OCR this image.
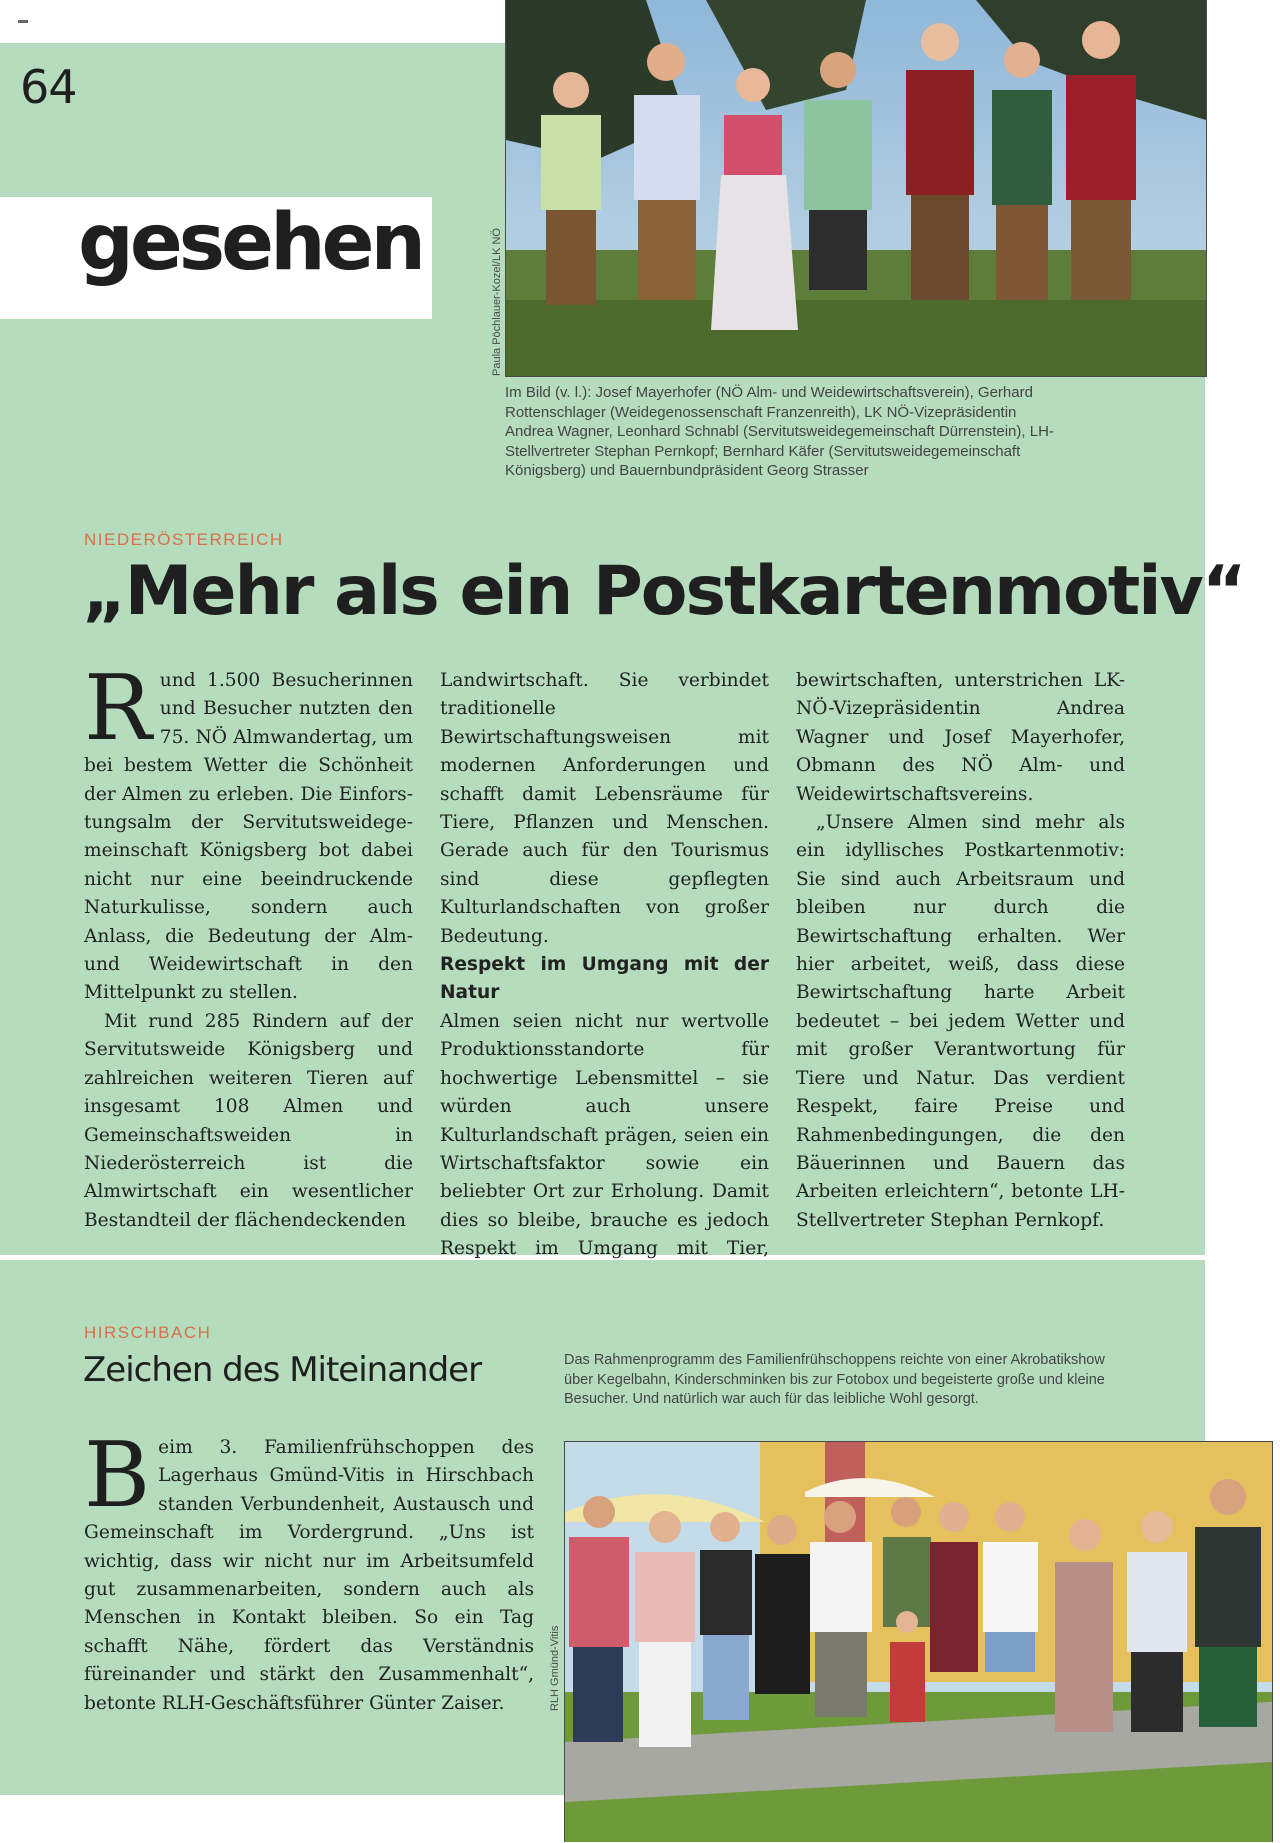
64
gesehen	Paula Pöchlauer-Kozel/LK NÖ
Im Bild (v. l.): Josef Mayerhofer (NÖ Alm- und Weidewirtschaftsverein), Gerhard Rottenschlager (Weidegenossenschaft Franzenreith), LK NÖ-Vizepräsidentin Andrea Wagner, Leonhard Schnabl (Servitutsweidegemeinschaft Dürrenstein), LH-Stellvertreter Stephan Pernkopf; Bernhard Käfer (Servitutsweidegemeinschaft Königsberg) und Bauernbundpräsident Georg Strasser
NIEDERÖSTERREICH
„Mehr als ein Postkartenmotiv“

Rund 1.500 Besucherinnen und Besucher nutzten den 75. NÖ Almwandertag, um bei bestem Wetter die Schönheit der Almen zu erleben. Die Einforstungsalm der Servitutsweidegemeinschaft Königsberg bot dabei nicht nur eine beeindruckende Naturkulisse, sondern auch Anlass, die Bedeutung der Alm- und Weidewirtschaft in den Mittelpunkt zu stellen.

Mit rund 285 Rindern auf der Servitutsweide Königsberg und zahlreichen weiteren Tieren auf insgesamt 108 Almen und Gemeinschaftsweiden in Niederösterreich ist die Almwirtschaft ein wesentlicher Bestandteil der flächendeckenden

Landwirtschaft. Sie verbindet traditionelle Bewirtschaftungsweisen mit modernen Anforderungen und schafft damit Lebensräume für Tiere, Pflanzen und Menschen. Gerade auch für den Tourismus sind diese gepflegten Kulturlandschaften von großer Bedeutung.

Respekt im Umgang mit der Natur

Almen seien nicht nur wertvolle Produktionsstandorte für hochwertige Lebensmittel – sie würden auch unsere Kulturlandschaft prägen, seien ein Wirtschaftsfaktor sowie ein beliebter Ort zur Erholung. Damit dies so bleibe, brauche es jedoch Respekt im Umgang mit Tier,

bewirtschaften, unterstrichen LK-NÖ-Vizepräsidentin Andrea Wagner und Josef Mayerhofer, Obmann des NÖ Alm- und Weidewirtschaftsvereins.

„Unsere Almen sind mehr als ein idyllisches Postkartenmotiv: Sie sind auch Arbeitsraum und bleiben nur durch die Bewirtschaftung erhalten. Wer hier arbeitet, weiß, dass diese Bewirtschaftung harte Arbeit bedeutet – bei jedem Wetter und mit großer Verantwortung für Tiere und Natur. Das verdient Respekt, faire Preise und Rahmenbedingungen, die den Bäuerinnen und Bauern das Arbeiten erleichtern“, betonte LH-Stellvertreter Stephan Pernkopf.

HIRSCHBACH
Zeichen des Miteinander	Das Rahmenprogramm des Familienfrühschoppens reichte von einer Akrobatikshow über Kegelbahn, Kinderschminken bis zur Fotobox und begeisterte große und kleine Besucher. Und natürlich war auch für das leibliche Wohl gesorgt.

Beim 3. Familienfrühschoppen des Lagerhaus Gmünd-Vitis in Hirschbach standen Verbundenheit, Austausch und Gemeinschaft im Vordergrund. „Uns ist wichtig, dass wir nicht nur im Arbeitsumfeld gut zusammenarbeiten, sondern auch als Menschen in Kontakt bleiben. So ein Tag schafft Nähe, fördert das Verständnis füreinander und stärkt den Zusammenhalt“, betonte RLH-Geschäftsführer Günter Zaiser.	RLH Gmünd-Vitis
